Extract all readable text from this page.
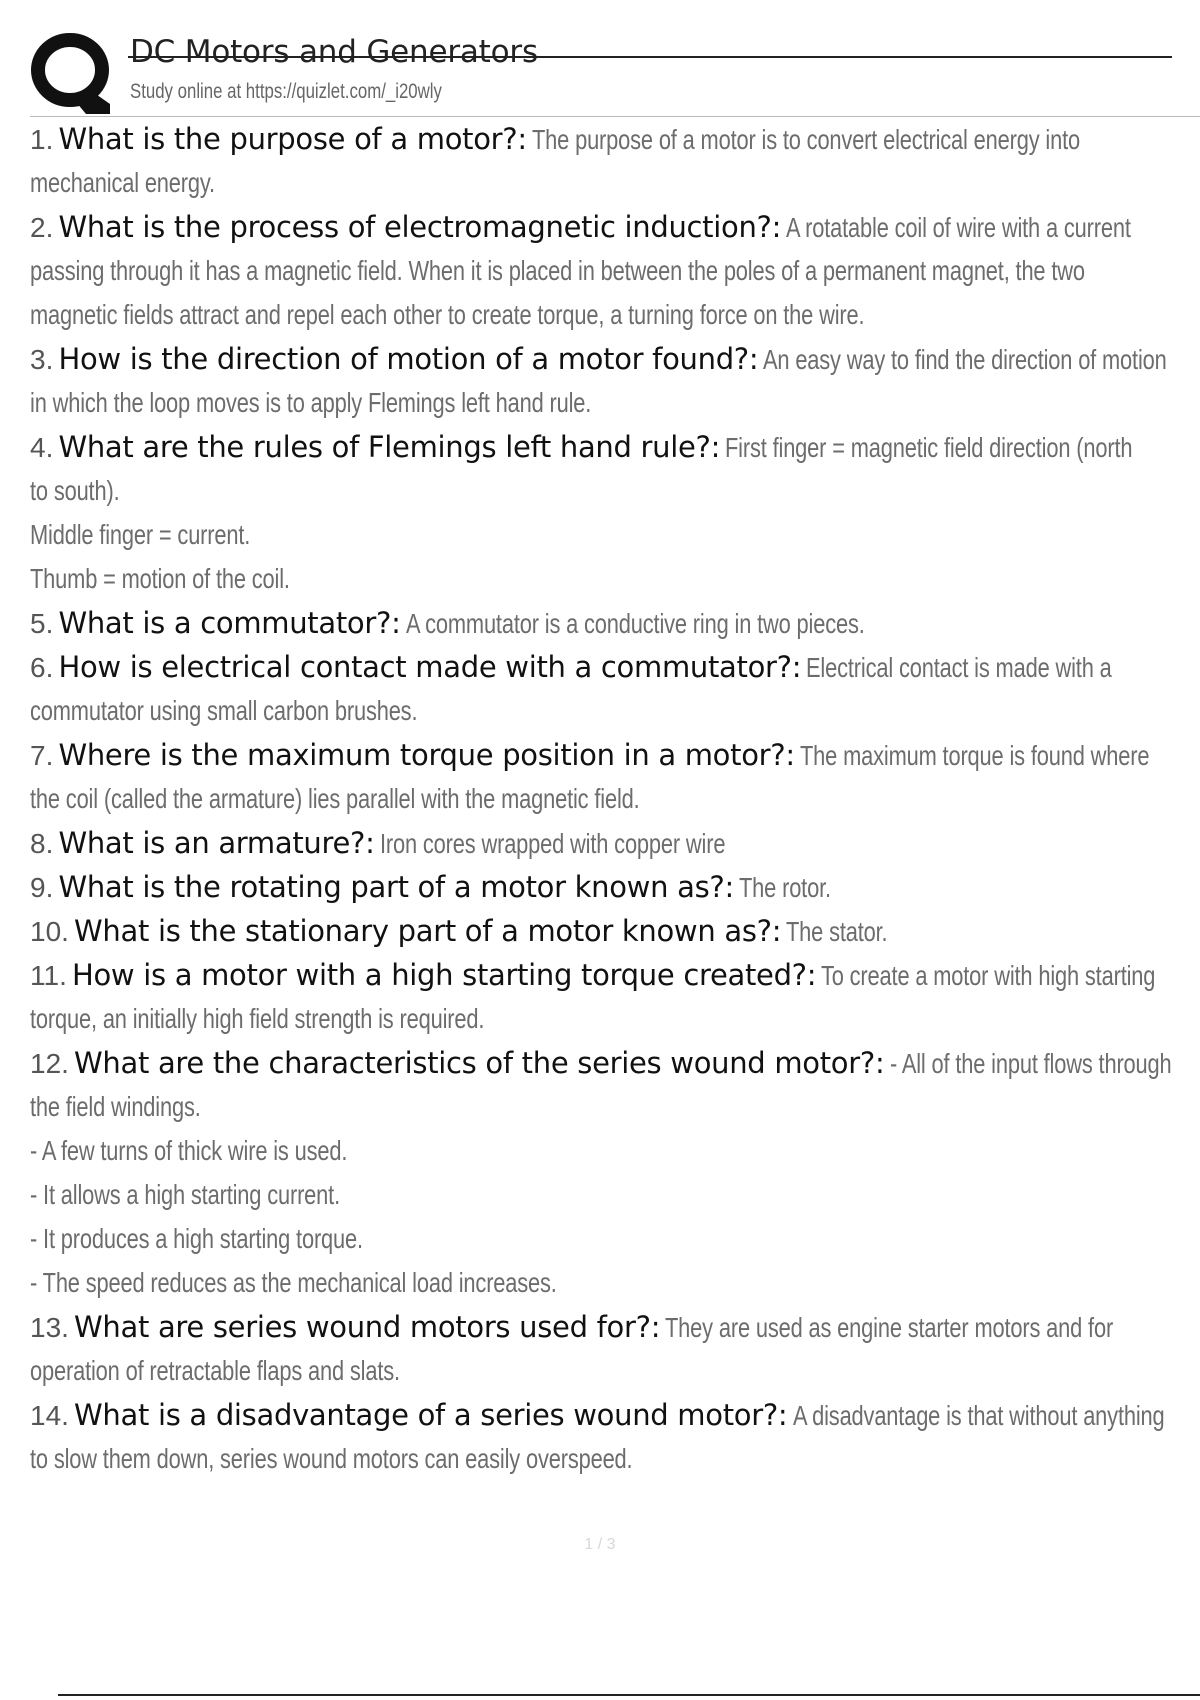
DC Motors and Generators
Study online at https://quizlet.com/_i20wly
1. What is the purpose of a motor?: The purpose of a motor is to convert electrical energy into
mechanical energy.
2. What is the process of electromagnetic induction?: A rotatable coil of wire with a current
passing through it has a magnetic field. When it is placed in between the poles of a permanent magnet, the two
magnetic fields attract and repel each other to create torque, a turning force on the wire.
3. How is the direction of motion of a motor found?: An easy way to find the direction of motion
in which the loop moves is to apply Flemings left hand rule.
4. What are the rules of Flemings left hand rule?: First finger = magnetic field direction (north
to south).
Middle finger = current.
Thumb = motion of the coil.
5. What is a commutator?: A commutator is a conductive ring in two pieces.
6. How is electrical contact made with a commutator?: Electrical contact is made with a
commutator using small carbon brushes.
7. Where is the maximum torque position in a motor?: The maximum torque is found where
the coil (called the armature) lies parallel with the magnetic field.
8. What is an armature?: Iron cores wrapped with copper wire
9. What is the rotating part of a motor known as?: The rotor.
10. What is the stationary part of a motor known as?: The stator.
11. How is a motor with a high starting torque created?: To create a motor with high starting
torque, an initially high field strength is required.
12. What are the characteristics of the series wound motor?: - All of the input flows through
the field windings.
- A few turns of thick wire is used.
- It allows a high starting current.
- It produces a high starting torque.
- The speed reduces as the mechanical load increases.
13. What are series wound motors used for?: They are used as engine starter motors and for
operation of retractable flaps and slats.
14. What is a disadvantage of a series wound motor?: A disadvantage is that without anything
to slow them down, series wound motors can easily overspeed.
1 / 3
